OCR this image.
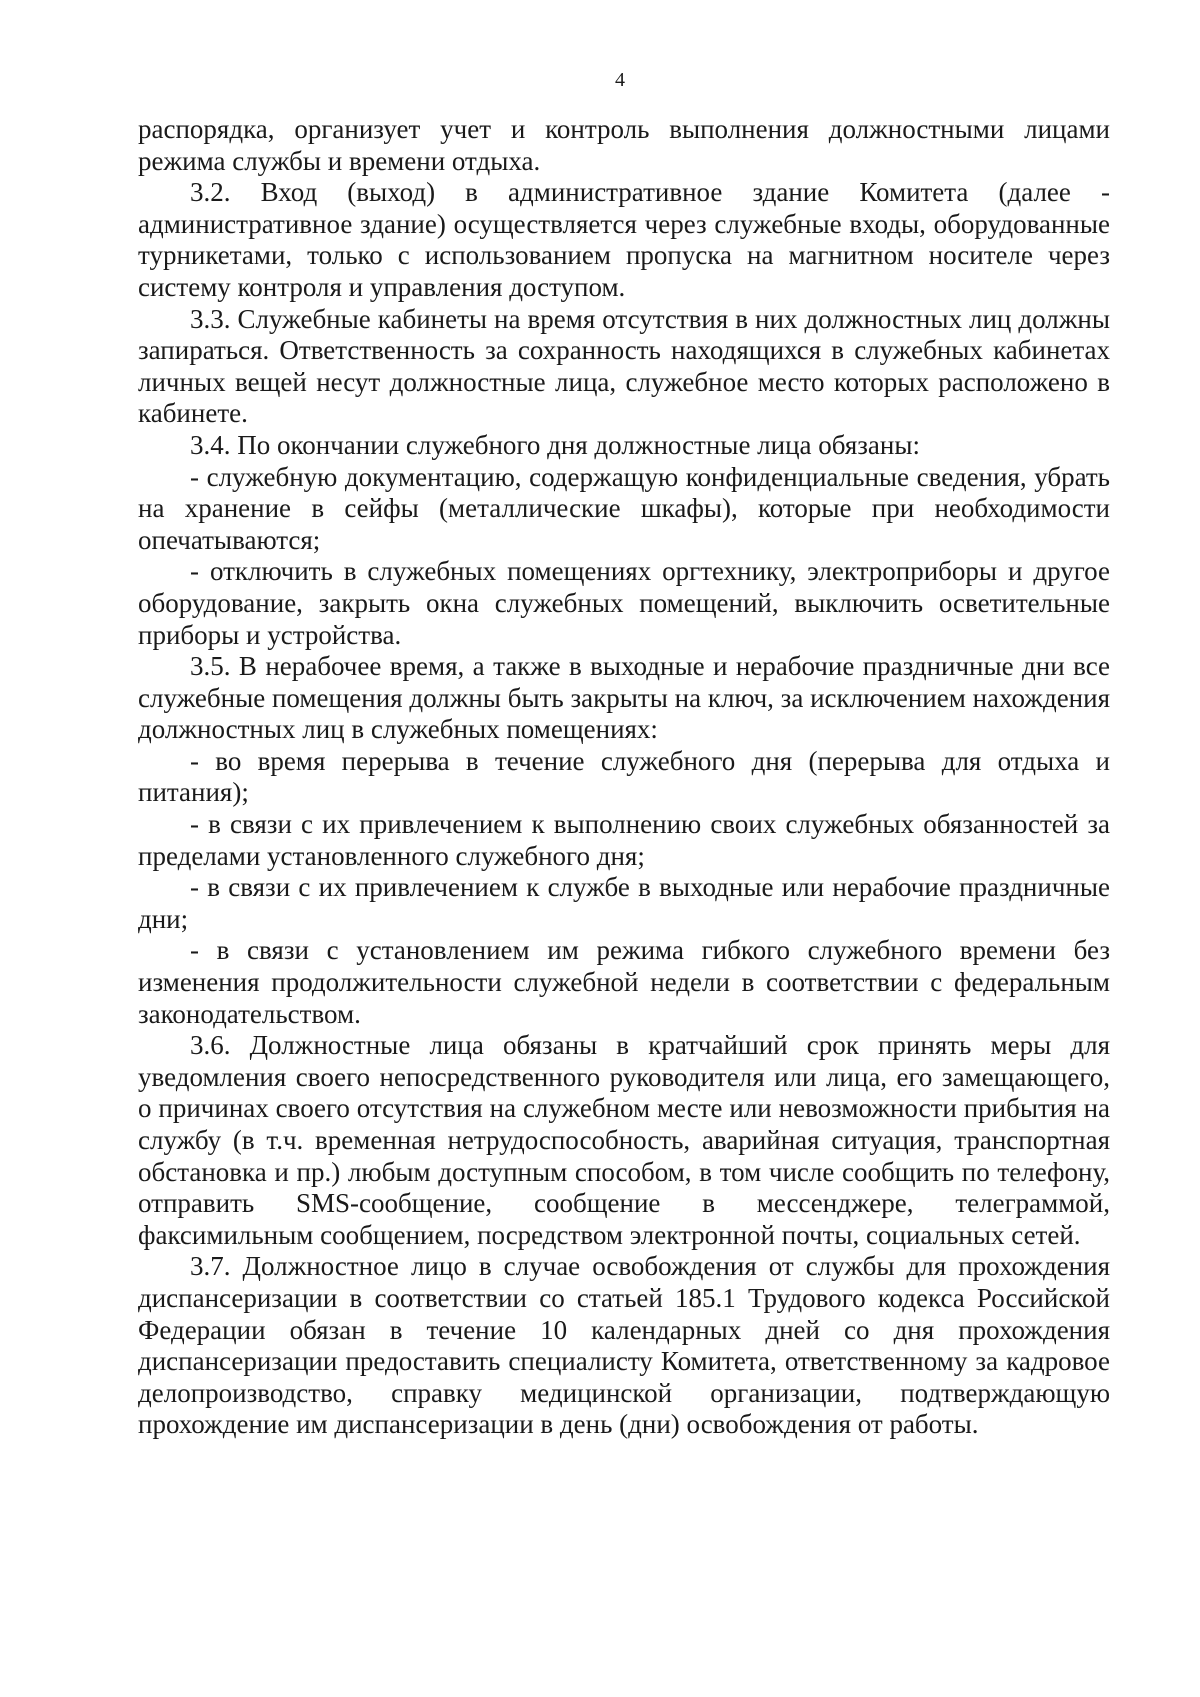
4

распорядка, организует учет и контроль выполнения должностными лицами режима службы и времени отдыха.

3.2. Вход (выход) в административное здание Комитета (далее - административное здание) осуществляется через служебные входы, оборудованные турникетами, только с использованием пропуска на магнитном носителе через систему контроля и управления доступом.

3.3. Служебные кабинеты на время отсутствия в них должностных лиц должны запираться. Ответственность за сохранность находящихся в служебных кабинетах личных вещей несут должностные лица, служебное место которых расположено в кабинете.

3.4. По окончании служебного дня должностные лица обязаны:

- служебную документацию, содержащую конфиденциальные сведения, убрать на хранение в сейфы (металлические шкафы), которые при необходимости опечатываются;

- отключить в служебных помещениях оргтехнику, электроприборы и другое оборудование, закрыть окна служебных помещений, выключить осветительные приборы и устройства.

3.5. В нерабочее время, а также в выходные и нерабочие праздничные дни все служебные помещения должны быть закрыты на ключ, за исключением нахождения должностных лиц в служебных помещениях:

- во время перерыва в течение служебного дня (перерыва для отдыха и питания);

- в связи с их привлечением к выполнению своих служебных обязанностей за пределами установленного служебного дня;

- в связи с их привлечением к службе в выходные или нерабочие праздничные дни;

- в связи с установлением им режима гибкого служебного времени без изменения продолжительности служебной недели в соответствии с федеральным законодательством.

3.6. Должностные лица обязаны в кратчайший срок принять меры для уведомления своего непосредственного руководителя или лица, его замещающего, о причинах своего отсутствия на служебном месте или невозможности прибытия на службу (в т.ч. временная нетрудоспособность, аварийная ситуация, транспортная обстановка и пр.) любым доступным способом, в том числе сообщить по телефону, отправить SMS-сообщение, сообщение в мессенджере, телеграммой, факсимильным сообщением, посредством электронной почты, социальных сетей.

3.7. Должностное лицо в случае освобождения от службы для прохождения диспансеризации в соответствии со статьей 185.1 Трудового кодекса Российской Федерации обязан в течение 10 календарных дней со дня прохождения диспансеризации предоставить специалисту Комитета, ответственному за кадровое делопроизводство, справку медицинской организации, подтверждающую прохождение им диспансеризации в день (дни) освобождения от работы.
